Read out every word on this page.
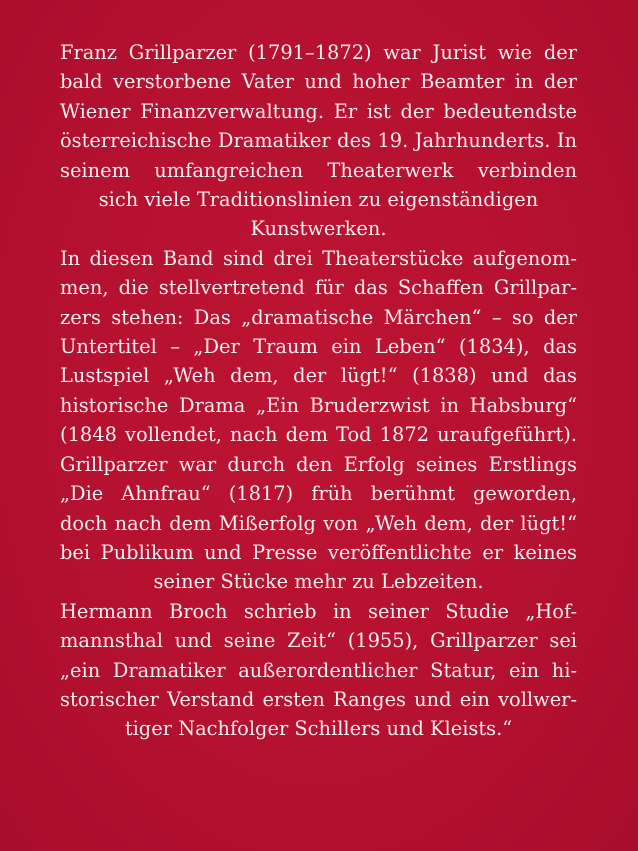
Franz Grillparzer (1791–1872) war Jurist wie der
bald verstorbene Vater und hoher Beamter in der
Wiener Finanzverwaltung. Er ist der bedeutendste
österreichische Dramatiker des 19. Jahrhunderts. In
seinem umfangreichen Theaterwerk verbinden
sich viele Traditionslinien zu eigenständigen
Kunstwerken.
In diesen Band sind drei Theaterstücke aufgenom-
men, die stellvertretend für das Schaffen Grillpar-
zers stehen: Das „dramatische Märchen“ – so der
Untertitel – „Der Traum ein Leben“ (1834), das
Lustspiel „Weh dem, der lügt!“ (1838) und das
historische Drama „Ein Bruderzwist in Habsburg“
(1848 vollendet, nach dem Tod 1872 uraufgeführt).
Grillparzer war durch den Erfolg seines Erstlings
„Die Ahnfrau“ (1817) früh berühmt geworden,
doch nach dem Mißerfolg von „Weh dem, der lügt!“
bei Publikum und Presse veröffentlichte er keines
seiner Stücke mehr zu Lebzeiten.
Hermann Broch schrieb in seiner Studie „Hof-
mannsthal und seine Zeit“ (1955), Grillparzer sei
„ein Dramatiker außerordentlicher Statur, ein hi-
storischer Verstand ersten Ranges und ein vollwer-
tiger Nachfolger Schillers und Kleists.“
